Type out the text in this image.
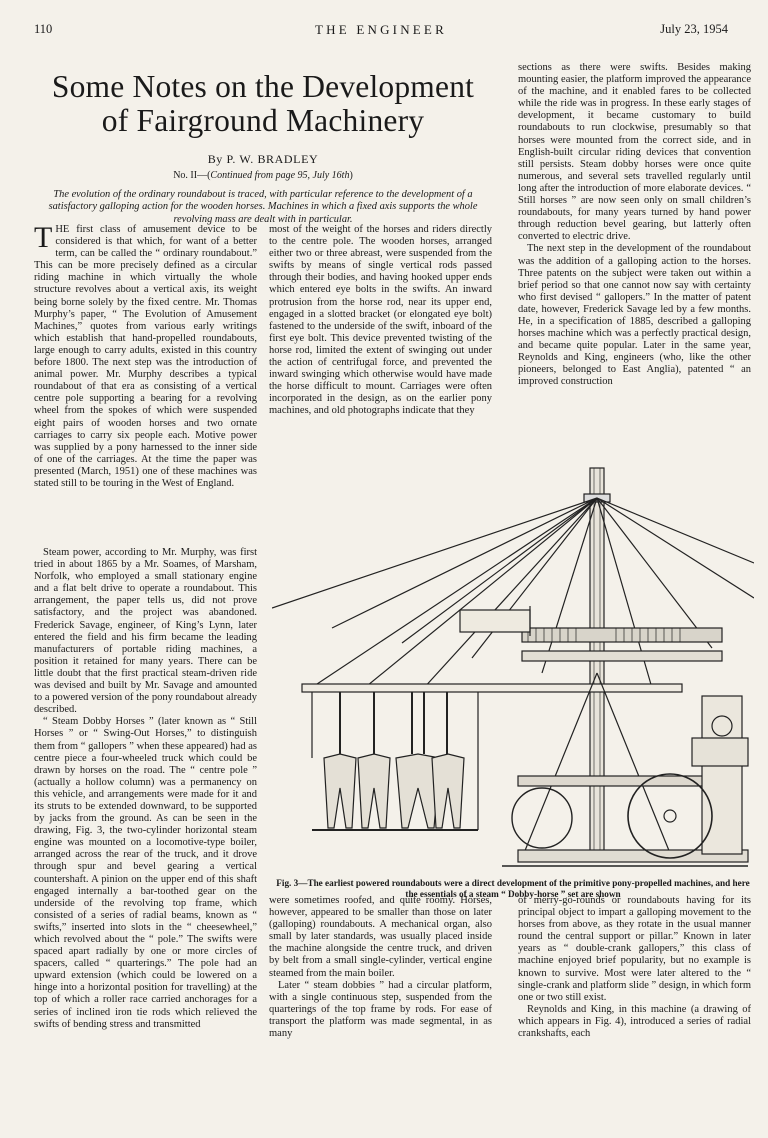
110	THE ENGINEER	July 23, 1954
Some Notes on the Development
of Fairground Machinery
By P. W. BRADLEY
No. II—(Continued from page 95, July 16th)
The evolution of the ordinary roundabout is traced, with particular reference to the development of a satisfactory galloping action for the wooden horses. Machines in which a fixed axis supports the whole revolving mass are dealt with in particular.

THE first class of amusement device to be considered is that which, for want of a better term, can be called the “ ordinary roundabout.” This can be more precisely defined as a circular riding machine in which virtually the whole structure revolves about a vertical axis, its weight being borne solely by the fixed centre. Mr. Thomas Murphy’s paper, “ The Evolution of Amusement Machines,” quotes from various early writings which establish that hand-propelled roundabouts, large enough to carry adults, existed in this country before 1800. The next step was the introduction of animal power. Mr. Murphy describes a typical roundabout of that era as consisting of a vertical centre pole supporting a bearing for a revolving wheel from the spokes of which were suspended eight pairs of wooden horses and two ornate carriages to carry six people each. Motive power was supplied by a pony harnessed to the inner side of one of the carriages. At the time the paper was presented (March, 1951) one of these machines was stated still to be touring in the West of England.

Steam power, according to Mr. Murphy, was first tried in about 1865 by a Mr. Soames, of Marsham, Norfolk, who employed a small stationary engine and a flat belt drive to operate a roundabout. This arrangement, the paper tells us, did not prove satisfactory, and the project was abandoned. Frederick Savage, engineer, of King’s Lynn, later entered the field and his firm became the leading manufacturers of portable riding machines, a position it retained for many years. There can be little doubt that the first practical steam-driven ride was devised and built by Mr. Savage and amounted to a powered version of the pony roundabout already described.

“ Steam Dobby Horses ” (later known as “ Still Horses ” or “ Swing-Out Horses,” to distinguish them from “ gallopers ” when these appeared) had as centre piece a four-wheeled truck which could be drawn by horses on the road. The “ centre pole ” (actually a hollow column) was a permanency on this vehicle, and arrangements were made for it and its struts to be extended downward, to be supported by jacks from the ground. As can be seen in the drawing, Fig. 3, the two-cylinder horizontal steam engine was mounted on a locomotive-type boiler, arranged across the rear of the truck, and it drove through spur and bevel gearing a vertical countershaft. A pinion on the upper end of this shaft engaged internally a bar-toothed gear on the underside of the revolving top frame, which consisted of a series of radial beams, known as “ swifts,” inserted into slots in the “ cheesewheel,” which revolved about the “ pole.” The swifts were spaced apart radially by one or more circles of spacers, called “ quarterings.” The pole had an upward extension (which could be lowered on a hinge into a horizontal position for travelling) at the top of which a roller race carried anchorages for a series of inclined iron tie rods which relieved the swifts of bending stress and transmitted

most of the weight of the horses and riders directly to the centre pole. The wooden horses, arranged either two or three abreast, were suspended from the swifts by means of single vertical rods passed through their bodies, and having hooked upper ends which entered eye bolts in the swifts. An inward protrusion from the horse rod, near its upper end, engaged in a slotted bracket (or elongated eye bolt) fastened to the underside of the swift, inboard of the first eye bolt. This device prevented twisting of the horse rod, limited the extent of swinging out under the action of centrifugal force, and prevented the inward swinging which otherwise would have made the horse difficult to mount. Carriages were often incorporated in the design, as on the earlier pony machines, and old photographs indicate that they

sections as there were swifts. Besides making mounting easier, the platform improved the appearance of the machine, and it enabled fares to be collected while the ride was in progress. In these early stages of development, it became customary to build roundabouts to run clockwise, presumably so that horses were mounted from the correct side, and in English-built circular riding devices that convention still persists. Steam dobby horses were once quite numerous, and several sets travelled regularly until long after the introduction of more elaborate devices. “ Still horses ” are now seen only on small children’s roundabouts, for many years turned by hand power through reduction bevel gearing, but latterly often converted to electric drive.

The next step in the development of the roundabout was the addition of a galloping action to the horses. Three patents on the subject were taken out within a brief period so that one cannot now say with certainty who first devised “ gallopers.” In the matter of patent date, however, Frederick Savage led by a few months. He, in a specification of 1885, described a galloping horses machine which was a perfectly practical design, and became quite popular. Later in the same year, Reynolds and King, engineers (who, like the other pioneers, belonged to East Anglia), patented “ an improved construction

Fig. 3—The earliest powered roundabouts were a direct development of the primitive pony-propelled machines, and here the essentials of a steam “ Dobby-horse ” set are shown

were sometimes roofed, and quite roomy. Horses, however, appeared to be smaller than those on later (galloping) roundabouts. A mechanical organ, also small by later standards, was usually placed inside the machine alongside the centre truck, and driven by belt from a small single-cylinder, vertical engine steamed from the main boiler.

Later “ steam dobbies ” had a circular platform, with a single continuous step, suspended from the quarterings of the top frame by rods. For ease of transport the platform was made segmental, in as many

of merry-go-rounds or roundabouts having for its principal object to impart a galloping movement to the horses from above, as they rotate in the usual manner round the central support or pillar.” Known in later years as “ double-crank gallopers,” this class of machine enjoyed brief popularity, but no example is known to survive. Most were later altered to the “ single-crank and platform slide ” design, in which form one or two still exist.

Reynolds and King, in this machine (a drawing of which appears in Fig. 4), introduced a series of radial crankshafts, each
